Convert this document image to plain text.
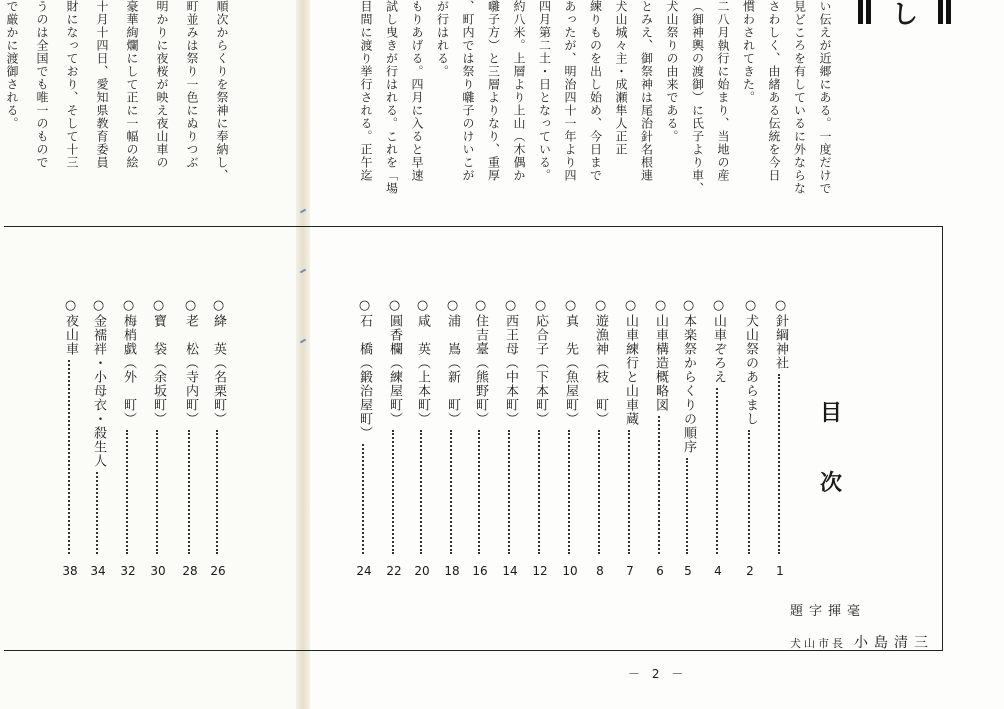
し
で厳かに渡御される。 うのは全国でも唯一のもので 財になっており、そして十三 十月十四日、愛知県教育委員 豪華絢爛にして正に一幅の絵 明かりに夜桜が映え夜山車の 町並みは祭り一色にぬりつぶ 順次からくりを祭神に奉納し、	目間に渡り挙行される。正午迄 試し曳きが行はれる。これを「場 もりあげる。四月に入ると早速 が行はれる。 、町内では祭り囃子のけいこが 囃子方）と三層よりなり、重厚 約八米。上層より上山（木偶か 四月第二土・日となっている。 あったが、明治四十一年より四 練りものを出し始め、今日まで 犬山城々主・成瀬隼人正正 とみえ、御祭神は尾治針名根連 犬山祭りの由来である。 （御神輿の渡御）に氏子より車、 二八月執行に始まり、当地の産 慣わされてきた。 さわしく、由緒ある伝統を今日 見どころを有しているに外ならな い伝えが近郷にある。一度だけで
目
次
○針綱神社
1
○犬山祭のあらまし
2
○山車ぞろえ
4
○本楽祭からくりの順序
5
○山車構造概略図
6
○山車練行と山車蔵
7
○遊漁神（枝　町）
8
○真　先（魚屋町）
10
○応合子（下本町）
12
○西王母（中本町）
14
○住吉臺（熊野町）
16
○浦　嶌（新　町）
18
○咸　英（上本町）
20
○圓香欄（練屋町）
22
○石　橋（鍛治屋町）
24
○絳　英（名栗町）
26
○老　松（寺内町）
28
○寶　袋（余坂町）
30
○梅梢戯（外　町）
32
○金襦袢・小母衣・殺生人
34
○夜山車
38
題字揮毫
犬山市長 小島清三
－ 2 －
